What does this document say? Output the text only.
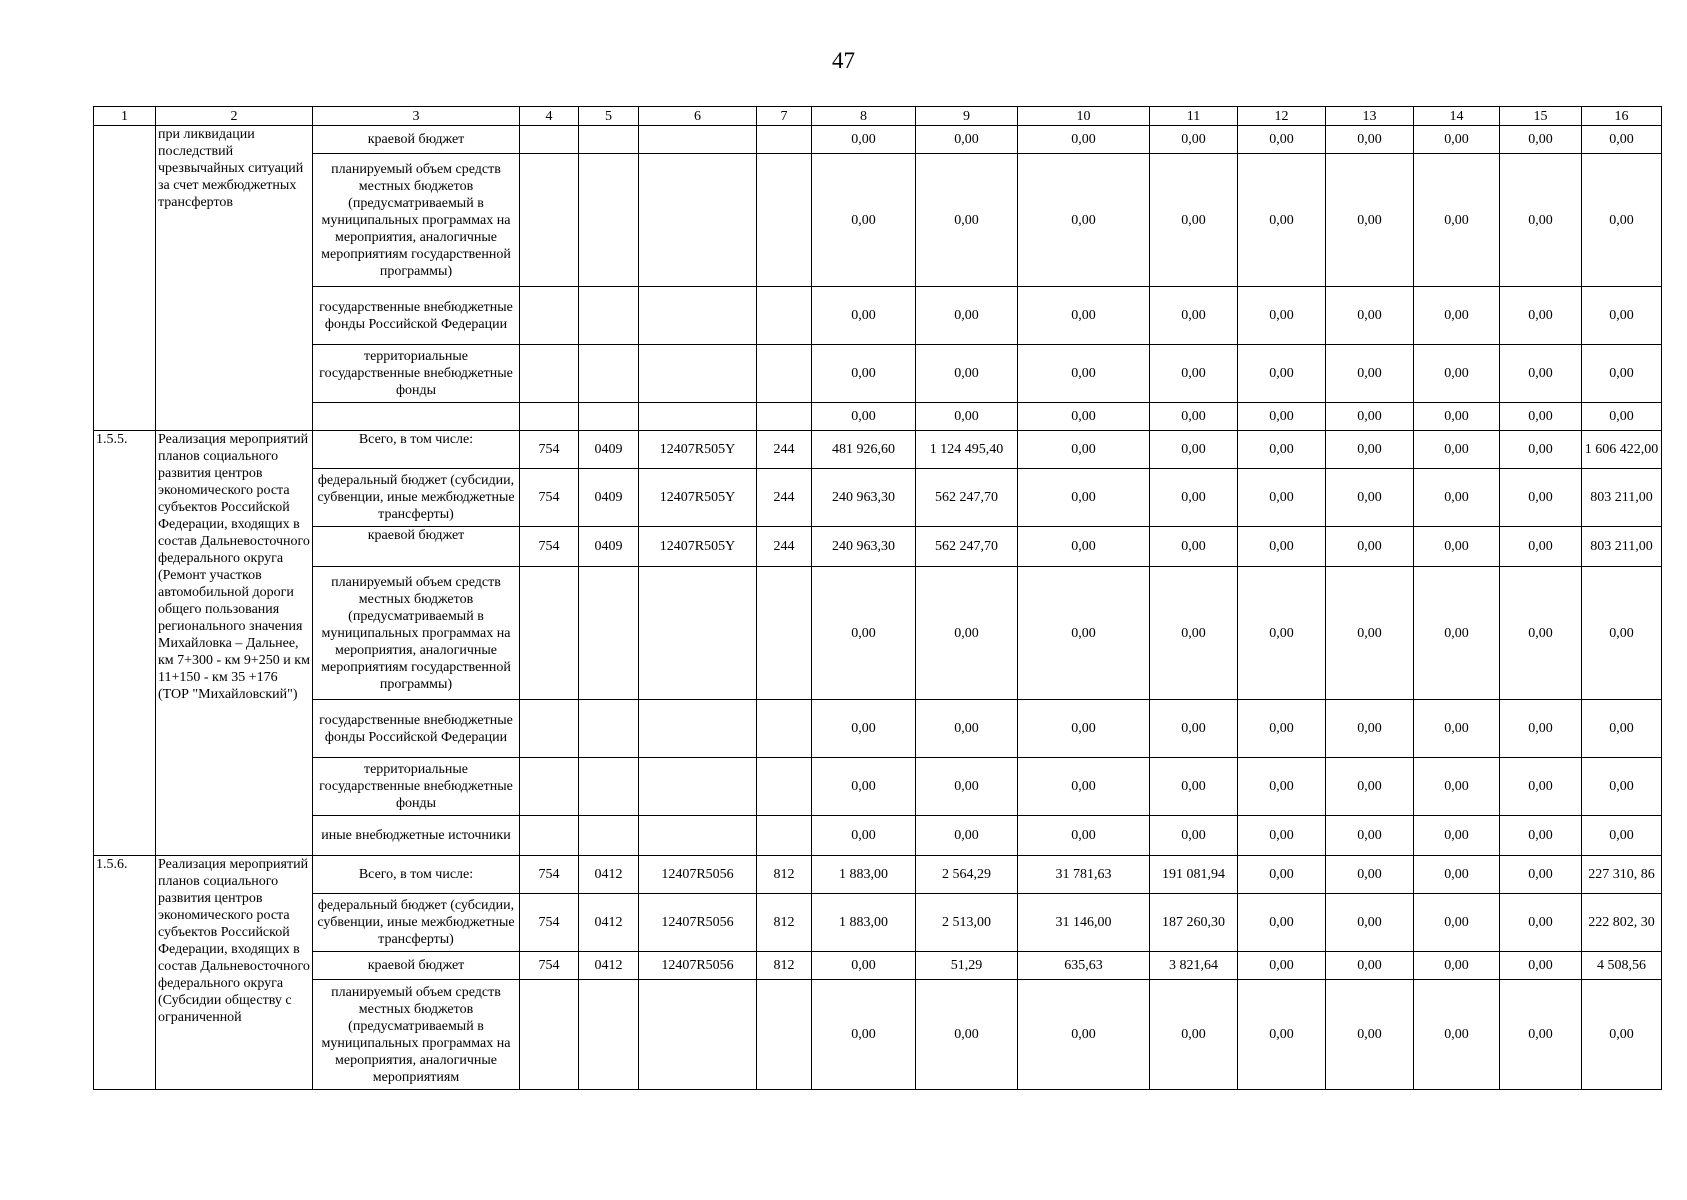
47
1	2	3	4	5	6	7	8	9	10	11	12	13	14	15	16
	при ликвидации последствий чрезвычайных ситуаций за счет межбюджетных трансфертов	краевой бюджет					0,00	0,00	0,00	0,00	0,00	0,00	0,00	0,00	0,00
		планируемый объем средств местных бюджетов (предусматриваемый в муниципальных программах на мероприятия, аналогичные мероприятиям государственной программы)					0,00	0,00	0,00	0,00	0,00	0,00	0,00	0,00	0,00
		государственные внебюджетные фонды Российской Федерации					0,00	0,00	0,00	0,00	0,00	0,00	0,00	0,00	0,00
		территориальные государственные внебюджетные фонды					0,00	0,00	0,00	0,00	0,00	0,00	0,00	0,00	0,00
							0,00	0,00	0,00	0,00	0,00	0,00	0,00	0,00	0,00
1.5.5.	Реализация мероприятий планов социального развития центров экономического роста субъектов Российской Федерации, входящих в состав Дальневосточного федерального округа (Ремонт участков автомобильной дороги общего пользования регионального значения Михайловка – Дальнее, км 7+300 - км 9+250 и км 11+150 - км 35 +176 (ТОР "Михайловский")	Всего, в том числе:	754	0409	12407R505Y	244	481 926,60	1 124 495,40	0,00	0,00	0,00	0,00	0,00	0,00	1 606 422,00
		федеральный бюджет (субсидии, субвенции, иные межбюджетные трансферты)	754	0409	12407R505Y	244	240 963,30	562 247,70	0,00	0,00	0,00	0,00	0,00	0,00	803 211,00
		краевой бюджет	754	0409	12407R505Y	244	240 963,30	562 247,70	0,00	0,00	0,00	0,00	0,00	0,00	803 211,00
		планируемый объем средств местных бюджетов (предусматриваемый в муниципальных программах на мероприятия, аналогичные мероприятиям государственной программы)					0,00	0,00	0,00	0,00	0,00	0,00	0,00	0,00	0,00
		государственные внебюджетные фонды Российской Федерации					0,00	0,00	0,00	0,00	0,00	0,00	0,00	0,00	0,00
		территориальные государственные внебюджетные фонды					0,00	0,00	0,00	0,00	0,00	0,00	0,00	0,00	0,00
		иные внебюджетные источники					0,00	0,00	0,00	0,00	0,00	0,00	0,00	0,00	0,00
1.5.6.	Реализация мероприятий планов социального развития центров экономического роста субъектов Российской Федерации, входящих в состав Дальневосточного федерального округа (Субсидии обществу с ограниченной	Всего, в том числе:	754	0412	12407R5056	812	1 883,00	2 564,29	31 781,63	191 081,94	0,00	0,00	0,00	0,00	227 310, 86
		федеральный бюджет (субсидии, субвенции, иные межбюджетные трансферты)	754	0412	12407R5056	812	1 883,00	2 513,00	31 146,00	187 260,30	0,00	0,00	0,00	0,00	222 802, 30
		краевой бюджет	754	0412	12407R5056	812	0,00	51,29	635,63	3 821,64	0,00	0,00	0,00	0,00	4 508,56
		планируемый объем средств местных бюджетов (предусматриваемый в муниципальных программах на мероприятия, аналогичные мероприятиям					0,00	0,00	0,00	0,00	0,00	0,00	0,00	0,00	0,00
